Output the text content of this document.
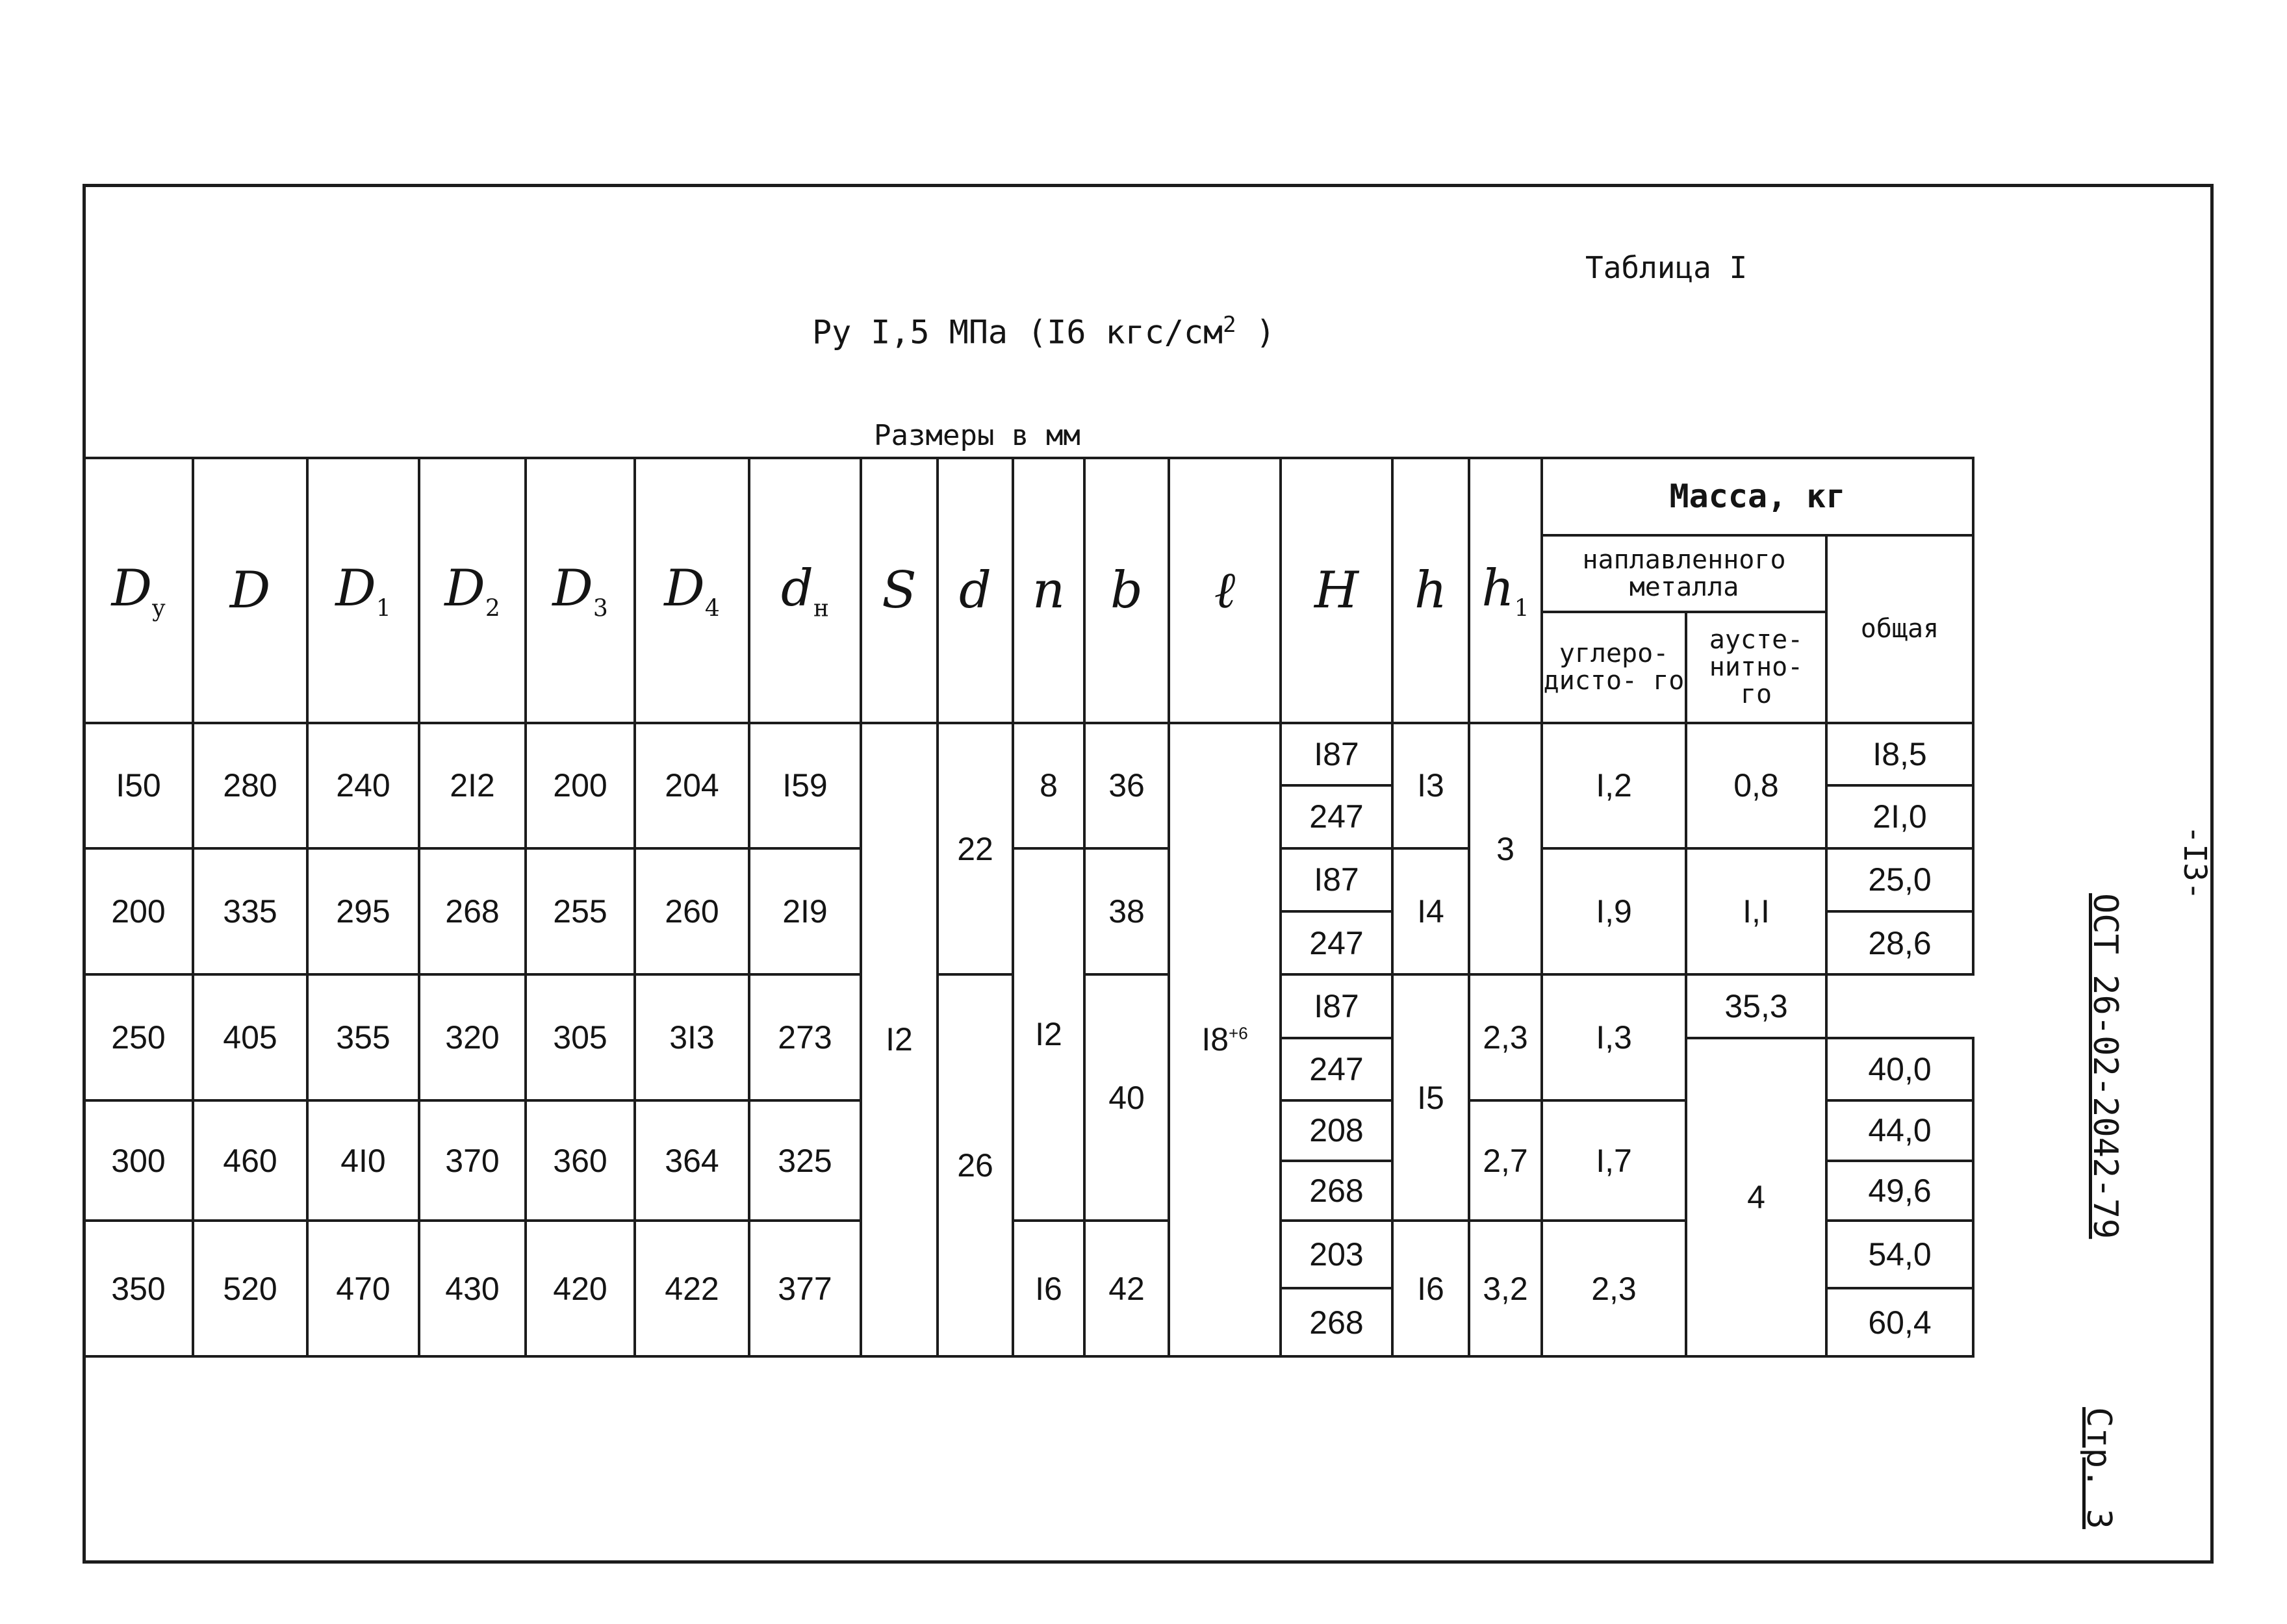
Таблица I
Ру I,5 МПа (I6 кгс/$см^2$ )
Размеры в мм
-I3-
ОСТ 26-02-2042-79
Стр. 3
$D_y$	D	$D_1$	$D_2$	$D_3$	$D_4$	$d_н$	S	d	n	b	ℓ	H	h	$h_1$	Масса, кг		
															наплавленного металла		общая
															углеро- дисто- го	аусте- нитно- го	
I50	280	240	2I2	200	204	I59	I2	22	8	36	$I8^{+6}$	I87	I3	3	I,2	0,8	I8,5
												247					2I,0
200	335	295	268	255	260	2I9			I2	38		I87	I4		I,9	I,I	25,0
												247					28,6
250	405	355	320	305	3I3	273		26		40		I87	I5	2,3	I,3	35,3	
												247				4	40,0
300	460	4I0	370	360	364	325						208		2,7	I,7		44,0
												268					49,6
350	520	470	430	420	422	377			I6	42		203	I6	3,2	2,3		54,0
												268					60,4
